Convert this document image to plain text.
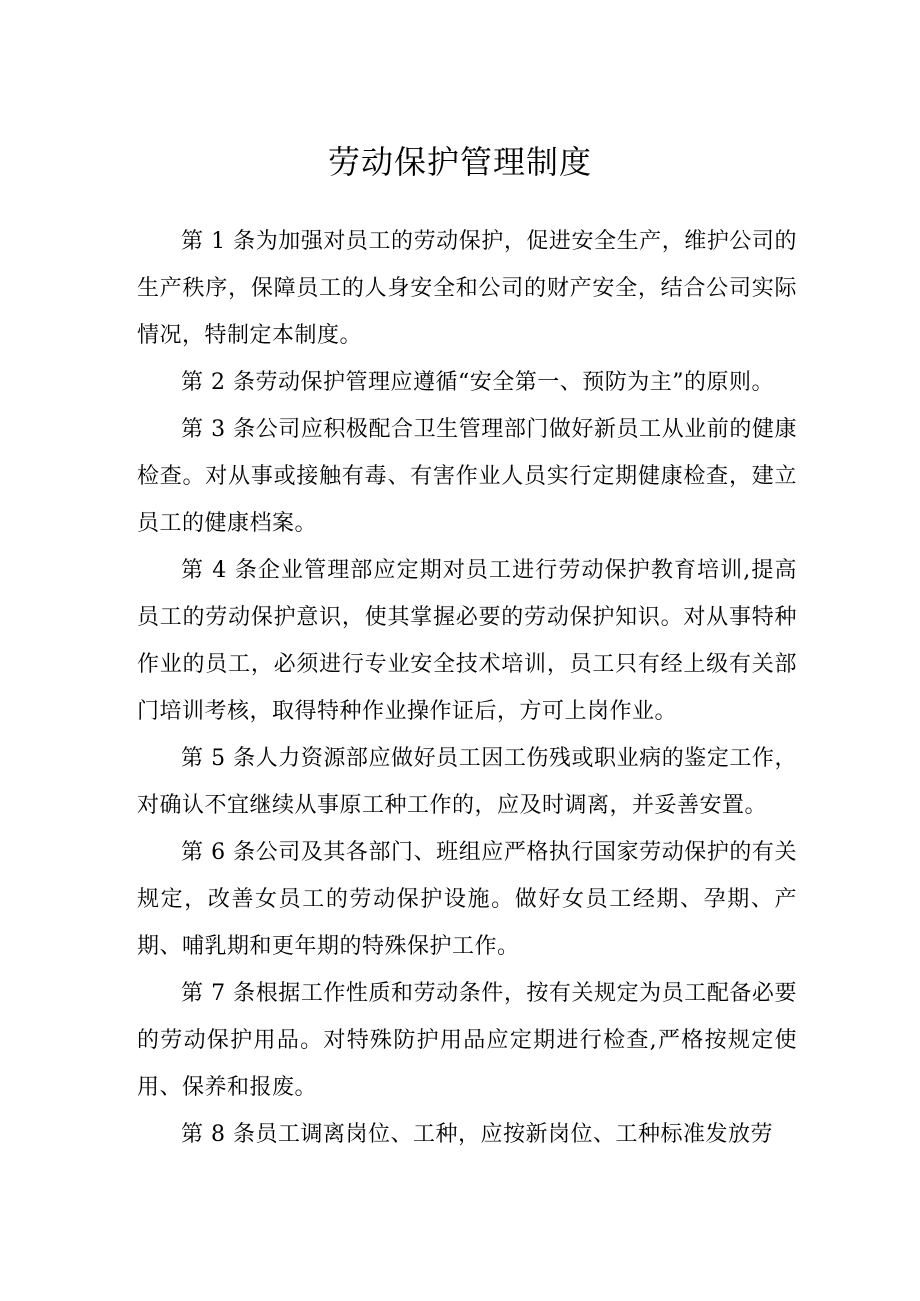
劳动保护管理制度

第 1 条为加强对员工的劳动保护，促进安全生产，维护公司的生产秩序，保障员工的人身安全和公司的财产安全，结合公司实际情况，特制定本制度。

第 2 条劳动保护管理应遵循“安全第一、预防为主”的原则。

第 3 条公司应积极配合卫生管理部门做好新员工从业前的健康检查。对从事或接触有毒、有害作业人员实行定期健康检查，建立员工的健康档案。

第 4 条企业管理部应定期对员工进行劳动保护教育培训,提高员工的劳动保护意识，使其掌握必要的劳动保护知识。对从事特种作业的员工，必须进行专业安全技术培训，员工只有经上级有关部门培训考核，取得特种作业操作证后，方可上岗作业。

第 5 条人力资源部应做好员工因工伤残或职业病的鉴定工作，对确认不宜继续从事原工种工作的，应及时调离，并妥善安置。

第 6 条公司及其各部门、班组应严格执行国家劳动保护的有关规定，改善女员工的劳动保护设施。做好女员工经期、孕期、产期、哺乳期和更年期的特殊保护工作。

第 7 条根据工作性质和劳动条件，按有关规定为员工配备必要的劳动保护用品。对特殊防护用品应定期进行检查,严格按规定使用、保养和报废。

第 8 条员工调离岗位、工种，应按新岗位、工种标准发放劳
